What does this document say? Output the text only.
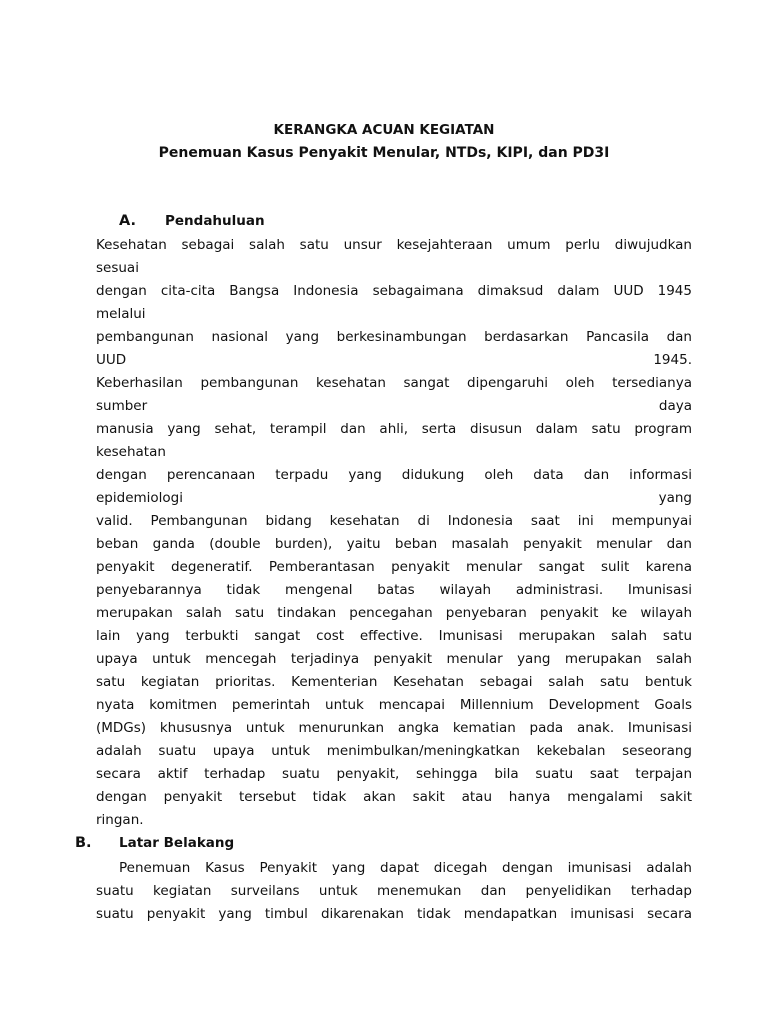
KERANGKA ACUAN KEGIATAN
Penemuan Kasus Penyakit Menular, NTDs, KIPI, dan PD3I
A. Pendahuluan
Kesehatan sebagai salah satu unsur kesejahteraan umum perlu diwujudkan
sesuai
dengan cita-cita Bangsa Indonesia sebagaimana dimaksud dalam UUD 1945
melalui
pembangunan nasional yang berkesinambungan berdasarkan Pancasila dan
UUD 1945.
Keberhasilan pembangunan kesehatan sangat dipengaruhi oleh tersedianya
sumber daya
manusia yang sehat, terampil dan ahli, serta disusun dalam satu program
kesehatan
dengan perencanaan terpadu yang didukung oleh data dan informasi
epidemiologi yang
valid. Pembangunan bidang kesehatan di Indonesia saat ini mempunyai
beban ganda (double burden), yaitu beban masalah penyakit menular dan
penyakit degeneratif. Pemberantasan penyakit menular sangat sulit karena
penyebarannya tidak mengenal batas wilayah administrasi. Imunisasi
merupakan salah satu tindakan pencegahan penyebaran penyakit ke wilayah
lain yang terbukti sangat cost effective. Imunisasi merupakan salah satu
upaya untuk mencegah terjadinya penyakit menular yang merupakan salah
satu kegiatan prioritas. Kementerian Kesehatan sebagai salah satu bentuk
nyata komitmen pemerintah untuk mencapai Millennium Development Goals
(MDGs) khususnya untuk menurunkan angka kematian pada anak. Imunisasi
adalah suatu upaya untuk menimbulkan/meningkatkan kekebalan seseorang
secara aktif terhadap suatu penyakit, sehingga bila suatu saat terpajan
dengan penyakit tersebut tidak akan sakit atau hanya mengalami sakit
ringan.
B. Latar Belakang
Penemuan Kasus Penyakit yang dapat dicegah dengan imunisasi adalah
suatu kegiatan surveilans untuk menemukan dan penyelidikan terhadap
suatu penyakit yang timbul dikarenakan tidak mendapatkan imunisasi secara
